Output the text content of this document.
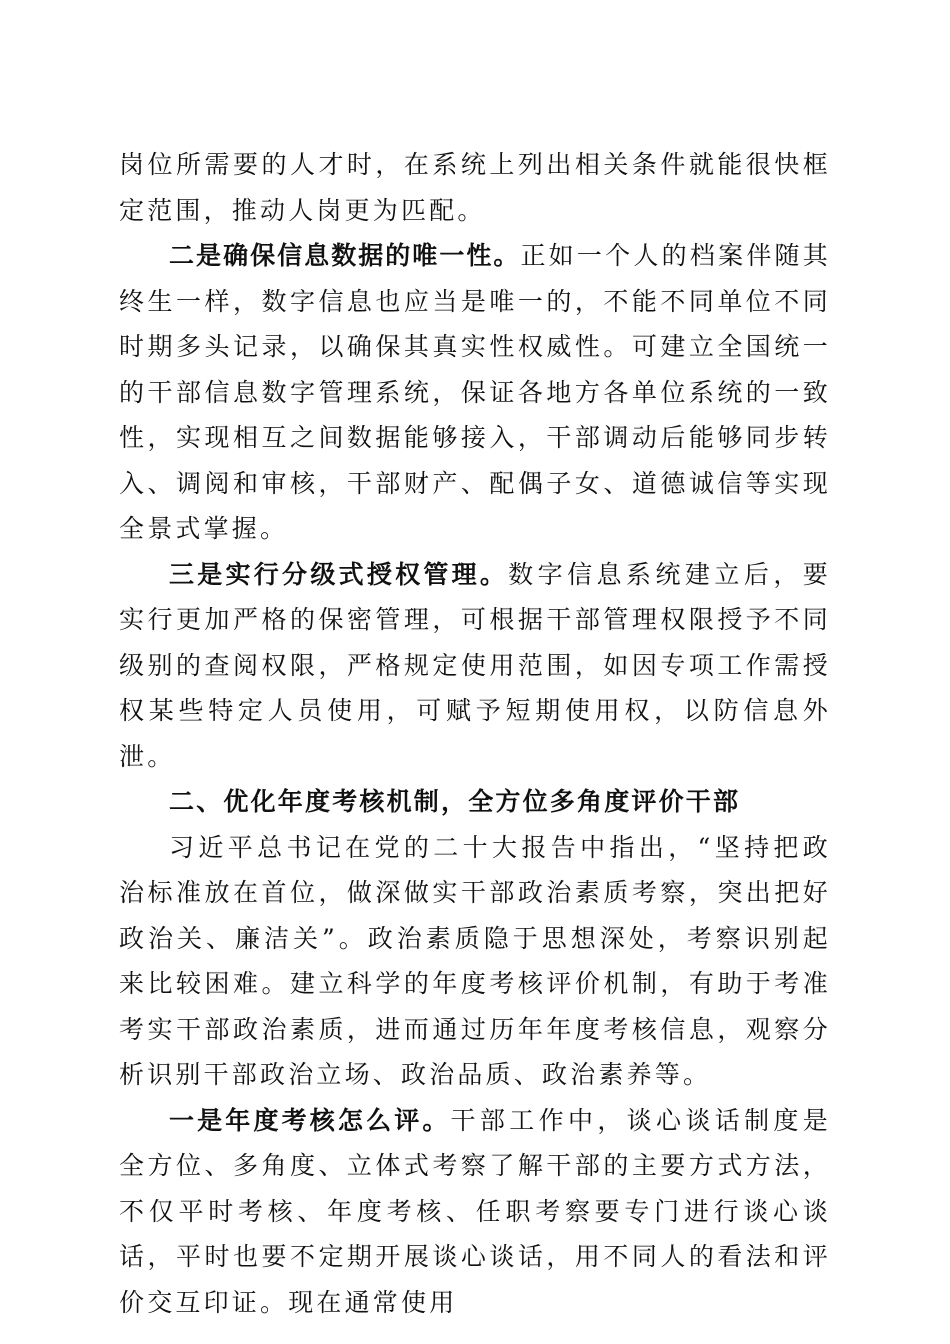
岗位所需要的人才时，在系统上列出相关条件就能很快框定范围，推动人岗更为匹配。

二是确保信息数据的唯一性。正如一个人的档案伴随其终生一样，数字信息也应当是唯一的，不能不同单位不同时期多头记录，以确保其真实性权威性。可建立全国统一的干部信息数字管理系统，保证各地方各单位系统的一致性，实现相互之间数据能够接入，干部调动后能够同步转入、调阅和审核，干部财产、配偶子女、道德诚信等实现全景式掌握。

三是实行分级式授权管理。数字信息系统建立后，要实行更加严格的保密管理，可根据干部管理权限授予不同级别的查阅权限，严格规定使用范围，如因专项工作需授权某些特定人员使用，可赋予短期使用权，以防信息外泄。

二、优化年度考核机制，全方位多角度评价干部

习近平总书记在党的二十大报告中指出，“坚持把政治标准放在首位，做深做实干部政治素质考察，突出把好政治关、廉洁关”。政治素质隐于思想深处，考察识别起来比较困难。建立科学的年度考核评价机制，有助于考准考实干部政治素质，进而通过历年年度考核信息，观察分析识别干部政治立场、政治品质、政治素养等。

一是年度考核怎么评。干部工作中，谈心谈话制度是全方位、多角度、立体式考察了解干部的主要方式方法，不仅平时考核、年度考核、任职考察要专门进行谈心谈话，平时也要不定期开展谈心谈话，用不同人的看法和评价交互印证。现在通常使用
